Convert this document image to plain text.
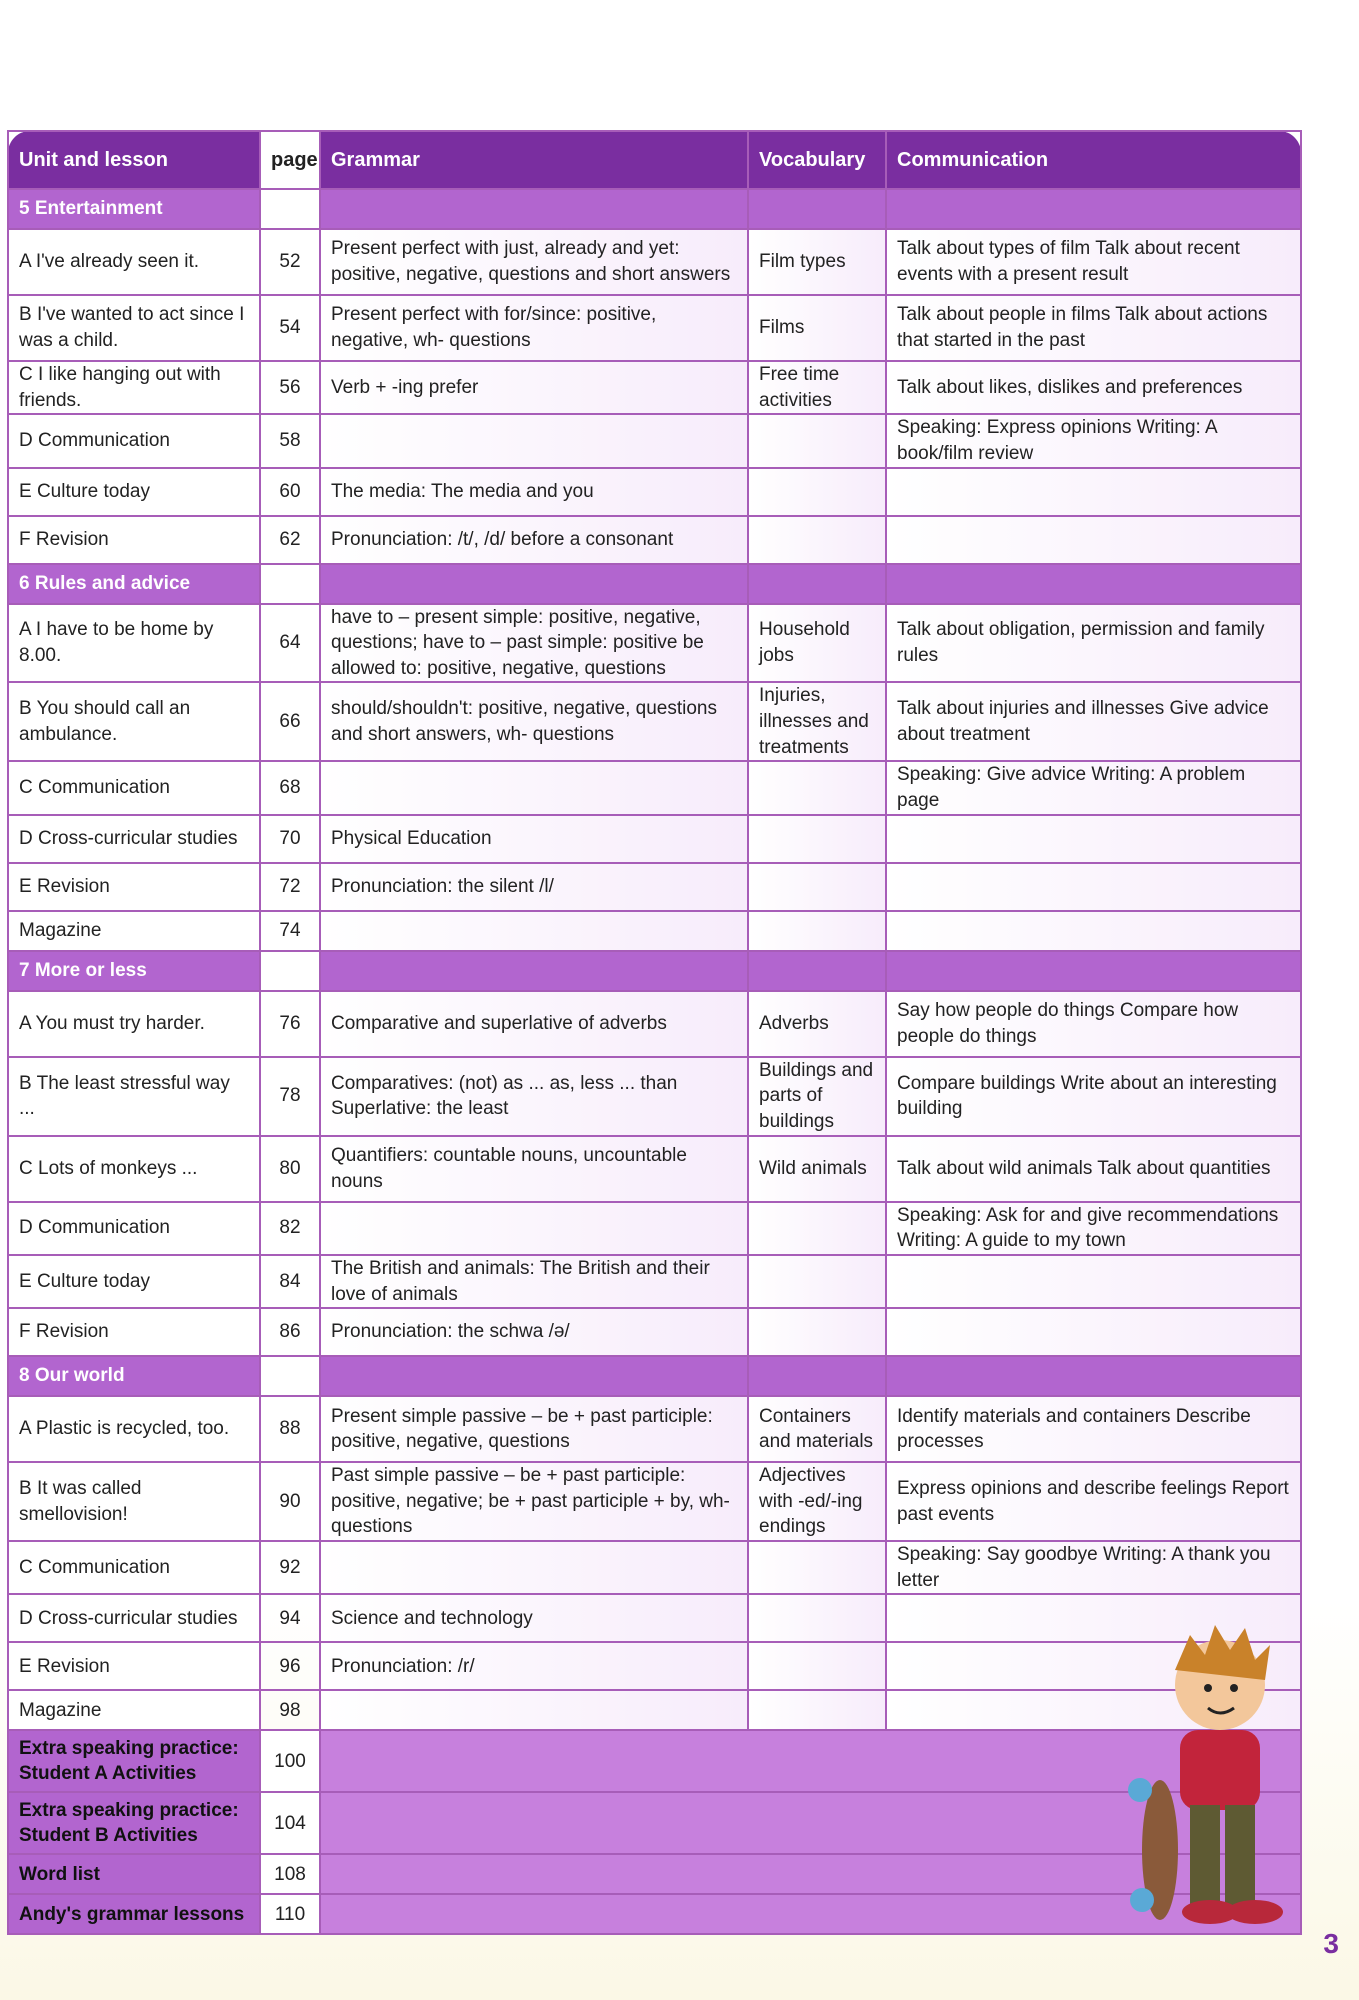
Unit and lesson	page	Grammar	Vocabulary	Communication
5 Entertainment				
A I've already seen it.	52	Present perfect with just, already and yet: positive, negative, questions and short answers	Film types	Talk about types of film Talk about recent events with a present result
B I've wanted to act since I was a child.	54	Present perfect with for/since: positive, negative, wh- questions	Films	Talk about people in films Talk about actions that started in the past
C I like hanging out with friends.	56	Verb + -ing prefer	Free time activities	Talk about likes, dislikes and preferences
D Communication	58			Speaking: Express opinions Writing: A book/film review
E Culture today	60	The media: The media and you		
F Revision	62	Pronunciation: /t/, /d/ before a consonant		
6 Rules and advice				
A I have to be home by 8.00.	64	have to – present simple: positive, negative, questions; have to – past simple: positive be allowed to: positive, negative, questions	Household jobs	Talk about obligation, permission and family rules
B You should call an ambulance.	66	should/shouldn't: positive, negative, questions and short answers, wh- questions	Injuries, illnesses and treatments	Talk about injuries and illnesses Give advice about treatment
C Communication	68			Speaking: Give advice Writing: A problem page
D Cross-curricular studies	70	Physical Education		
E Revision	72	Pronunciation: the silent /l/		
Magazine	74			
7 More or less				
A You must try harder.	76	Comparative and superlative of adverbs	Adverbs	Say how people do things Compare how people do things
B The least stressful way ...	78	Comparatives: (not) as ... as, less ... than Superlative: the least	Buildings and parts of buildings	Compare buildings Write about an interesting building
C Lots of monkeys ...	80	Quantifiers: countable nouns, uncountable nouns	Wild animals	Talk about wild animals Talk about quantities
D Communication	82			Speaking: Ask for and give recommendations Writing: A guide to my town
E Culture today	84	The British and animals: The British and their love of animals		
F Revision	86	Pronunciation: the schwa /ə/		
8 Our world				
A Plastic is recycled, too.	88	Present simple passive – be + past participle: positive, negative, questions	Containers and materials	Identify materials and containers Describe processes
B It was called smellovision!	90	Past simple passive – be + past participle: positive, negative; be + past participle + by, wh- questions	Adjectives with -ed/-ing endings	Express opinions and describe feelings Report past events
C Communication	92			Speaking: Say goodbye Writing: A thank you letter
D Cross-curricular studies	94	Science and technology		
E Revision	96	Pronunciation: /r/		
Magazine	98			
Extra speaking practice: Student A Activities	100			
Extra speaking practice: Student B Activities	104			
Word list	108			
Andy's grammar lessons	110			
3
